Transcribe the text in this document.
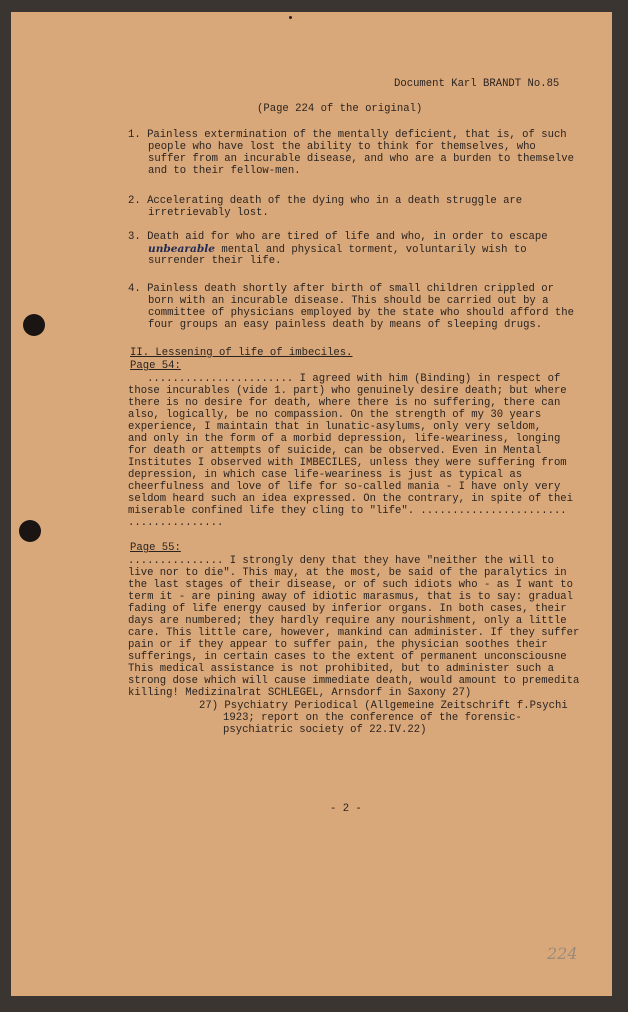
Document Karl BRANDT No.85
(Page 224 of the original)
1. Painless extermination of the mentally deficient, that is, of such
people who have lost the ability to think for themselves, who
suffer from an incurable disease, and who are a burden to themselve
and to their fellow-men.
2. Accelerating death of the dying who in a death struggle are
irretrievably lost.
3. Death aid for who are tired of life and who, in order to escape
unbearable mental and physical torment, voluntarily wish to
surrender their life.
4. Painless death shortly after birth of small children crippled or
born with an incurable disease. This should be carried out by a
committee of physicians employed by the state who should afford the
four groups an easy painless death by means of sleeping drugs.
II. Lessening of life of imbeciles.
Page 54:
....................... I agreed with him (Binding) in respect of
those incurables (vide 1. part) who genuinely desire death; but where
there is no desire for death, where there is no suffering, there can
also, logically, be no compassion. On the strength of my 30 years
experience, I maintain that in lunatic-asylums, only very seldom,
and only in the form of a morbid depression, life-weariness, longing
for death or attempts of suicide, can be observed. Even in Mental
Institutes I observed with IMBECILES, unless they were suffering from
depression, in which case life-weariness is just as typical as
cheerfulness and love of life for so-called mania - I have only very
seldom heard such an idea expressed. On the contrary, in spite of thei
miserable confined life they cling to "life". .......................
...............
Page 55:
............... I strongly deny that they have "neither the will to
live nor to die". This may, at the most, be said of the paralytics in
the last stages of their disease, or of such idiots who - as I want to
term it - are pining away of idiotic marasmus, that is to say: gradual
fading of life energy caused by inferior organs. In both cases, their
days are numbered; they hardly require any nourishment, only a little
care. This little care, however, mankind can administer. If they suffer
pain or if they appear to suffer pain, the physician soothes their
sufferings, in certain cases to the extent of permanent unconsciousne
This medical assistance is not prohibited, but to administer such a
strong dose which will cause immediate death, would amount to premedita
killing! Medizinalrat SCHLEGEL, Arnsdorf in Saxony 27)
27) Psychiatry Periodical (Allgemeine Zeitschrift f.Psychi
1923; report on the conference of the forensic-
psychiatric society of 22.IV.22)
- 2 -
224
